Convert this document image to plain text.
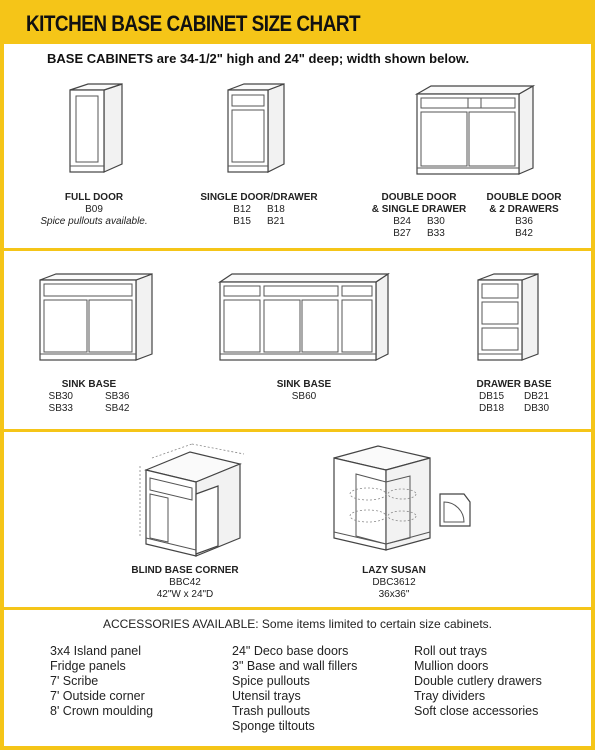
KITCHEN BASE CABINET SIZE CHART
BASE CABINETS are 34-1/2" high and 24" deep; width shown below.
FULL DOOR
B09
Spice pullouts available.
SINGLE DOOR/DRAWER
B12 B18
B15 B21
DOUBLE DOOR
& SINGLE DRAWER
B24 B30
B27 B33
DOUBLE DOOR
& 2 DRAWERS
B36
B42
SINK BASE
SB30	SB36
SB33	SB42
SINK BASE
SB60
DRAWER BASE
DB15 DB21
DB18 DB30
BLIND BASE CORNER
BBC42
42"W x 24"D
LAZY SUSAN
DBC3612
36x36"
ACCESSORIES AVAILABLE: Some items limited to certain size cabinets.
3x4 Island panel
Fridge panels
7' Scribe
7' Outside corner
8' Crown moulding
24" Deco base doors
3" Base and wall fillers
Spice pullouts
Utensil trays
Trash pullouts
Sponge tiltouts
Roll out trays
Mullion doors
Double cutlery drawers
Tray dividers
Soft close accessories
